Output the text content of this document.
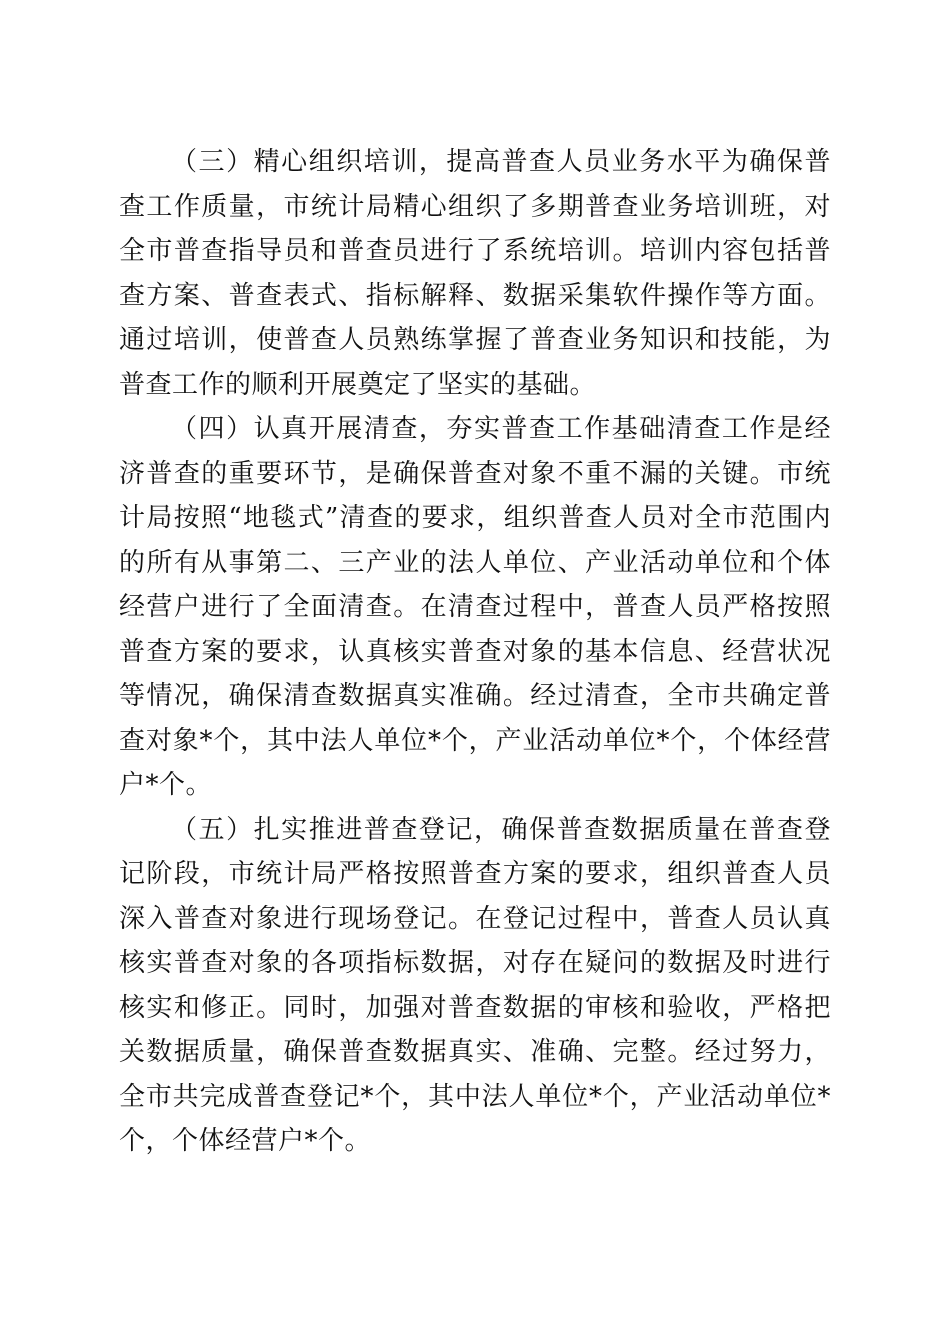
（三）精心组织培训，提高普查人员业务水平为确保普查工作质量，市统计局精心组织了多期普查业务培训班，对全市普查指导员和普查员进行了系统培训。培训内容包括普查方案、普查表式、指标解释、数据采集软件操作等方面。通过培训，使普查人员熟练掌握了普查业务知识和技能，为普查工作的顺利开展奠定了坚实的基础。

（四）认真开展清查，夯实普查工作基础清查工作是经济普查的重要环节，是确保普查对象不重不漏的关键。市统计局按照“地毯式”清查的要求，组织普查人员对全市范围内的所有从事第二、三产业的法人单位、产业活动单位和个体经营户进行了全面清查。在清查过程中，普查人员严格按照普查方案的要求，认真核实普查对象的基本信息、经营状况等情况，确保清查数据真实准确。经过清查，全市共确定普查对象*个，其中法人单位*个，产业活动单位*个，个体经营户*个。

（五）扎实推进普查登记，确保普查数据质量在普查登记阶段，市统计局严格按照普查方案的要求，组织普查人员深入普查对象进行现场登记。在登记过程中，普查人员认真核实普查对象的各项指标数据，对存在疑问的数据及时进行核实和修正。同时，加强对普查数据的审核和验收，严格把关数据质量，确保普查数据真实、准确、完整。经过努力，全市共完成普查登记*个，其中法人单位*个，产业活动单位*个，个体经营户*个。
